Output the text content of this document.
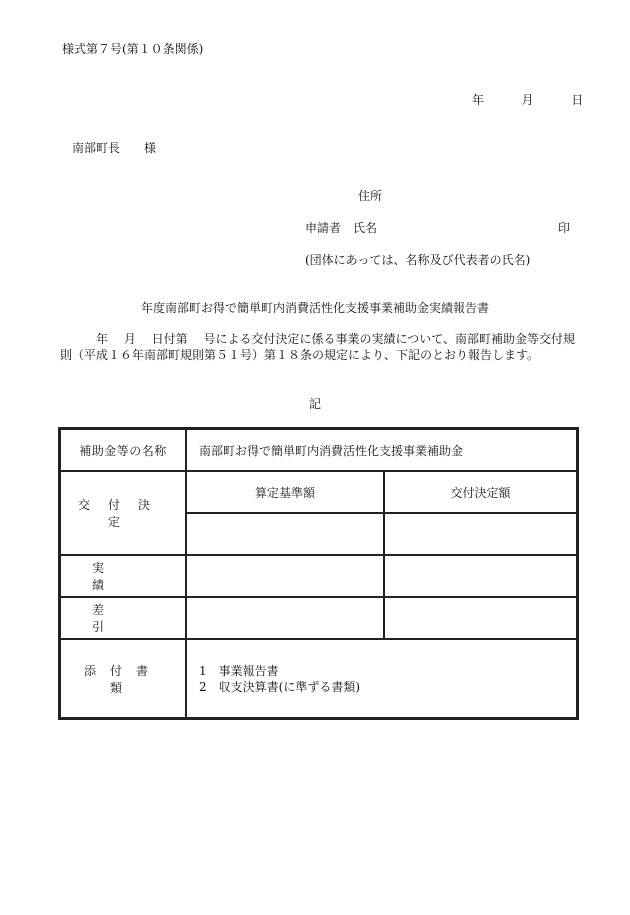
様式第７号(第１０条関係)
年	月	日
南部町長　　様
住所
申請者　氏名	印
(団体にあっては、名称及び代表者の氏名)
年度南部町お得で簡単町内消費活性化支援事業補助金実績報告書
　　　年　 月　 日付第　 号による交付決定に係る事業の実績について、南部町補助金等交付規則（平成１６年南部町規則第５１号）第１８条の規定により、下記のとおり報告します。
記
補助金等の名称	南部町お得で簡単町内消費活性化支援事業補助金	
交付決定	算定基準額	交付決定額

実績		
差引		
添付書類	1　事業報告書
2　収支決算書(に準ずる書類)	
